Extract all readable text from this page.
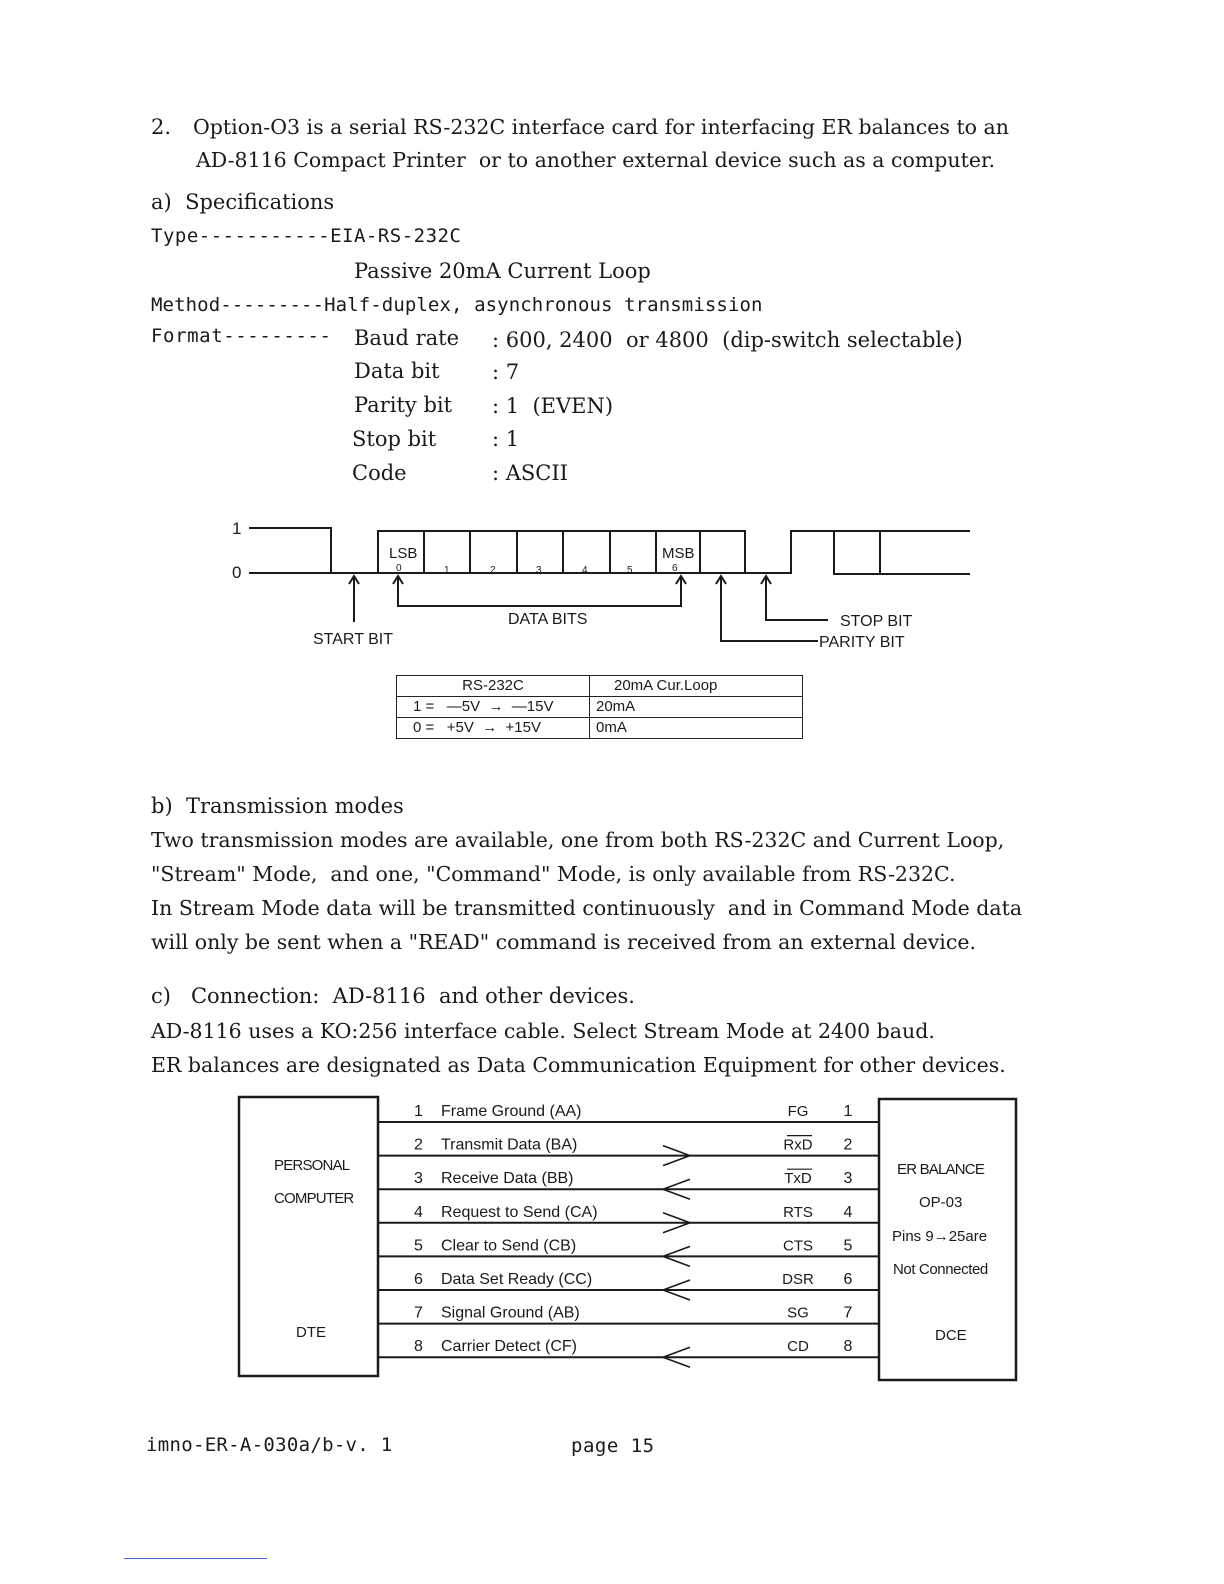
2. Option-O3 is a serial RS-232C interface card for interfacing ER balances to an
AD-8116 Compact Printer  or to another external device such as a computer.
a)  Specifications
Type-----------EIA-RS-232C
Passive 20mA Current Loop
Method---------Half-duplex, asynchronous transmission
Format--------- Baud rate : 600, 2400  or 4800  (dip-switch selectable)
Data bit : 7
Parity bit : 1  (EVEN)
Stop bit	: 1
Code	: ASCII
1
0
LSB	MSB
0	1	2	3	4	5	6
DATA BITS
START BIT
STOP BIT
PARITY BIT
RS-232C	20mA Cur.Loop
1 =   —5V  →  —15V	20mA
0 =   +5V  →  +15V	0mA
b)  Transmission modes
Two transmission modes are available, one from both RS-232C and Current Loop,
"Stream" Mode,  and one, "Command" Mode, is only available from RS-232C.
In Stream Mode data will be transmitted continuously  and in Command Mode data
will only be sent when a "READ" command is received from an external device.
c)   Connection:  AD-8116  and other devices.
AD-8116 uses a KO:256 interface cable. Select Stream Mode at 2400 baud.
ER balances are designated as Data Communication Equipment for other devices.
1 Frame Ground (AA)	FG 1
2 Transmit Data (BA)	RxD 2
3 Receive Data (BB)	TxD 3
4 Request to Send (CA)	RTS 4
5 Clear to Send (CB)	CTS 5
6 Data Set Ready (CC)	DSR 6
7 Signal Ground (AB)	SG 7
8 Carrier Detect (CF)	CD 8
PERSONAL
COMPUTER
DTE
ER BALANCE
OP-03
Pins 9→25are
Not Connected
DCE
imno-ER-A-030a/b-v. 1	page 15
